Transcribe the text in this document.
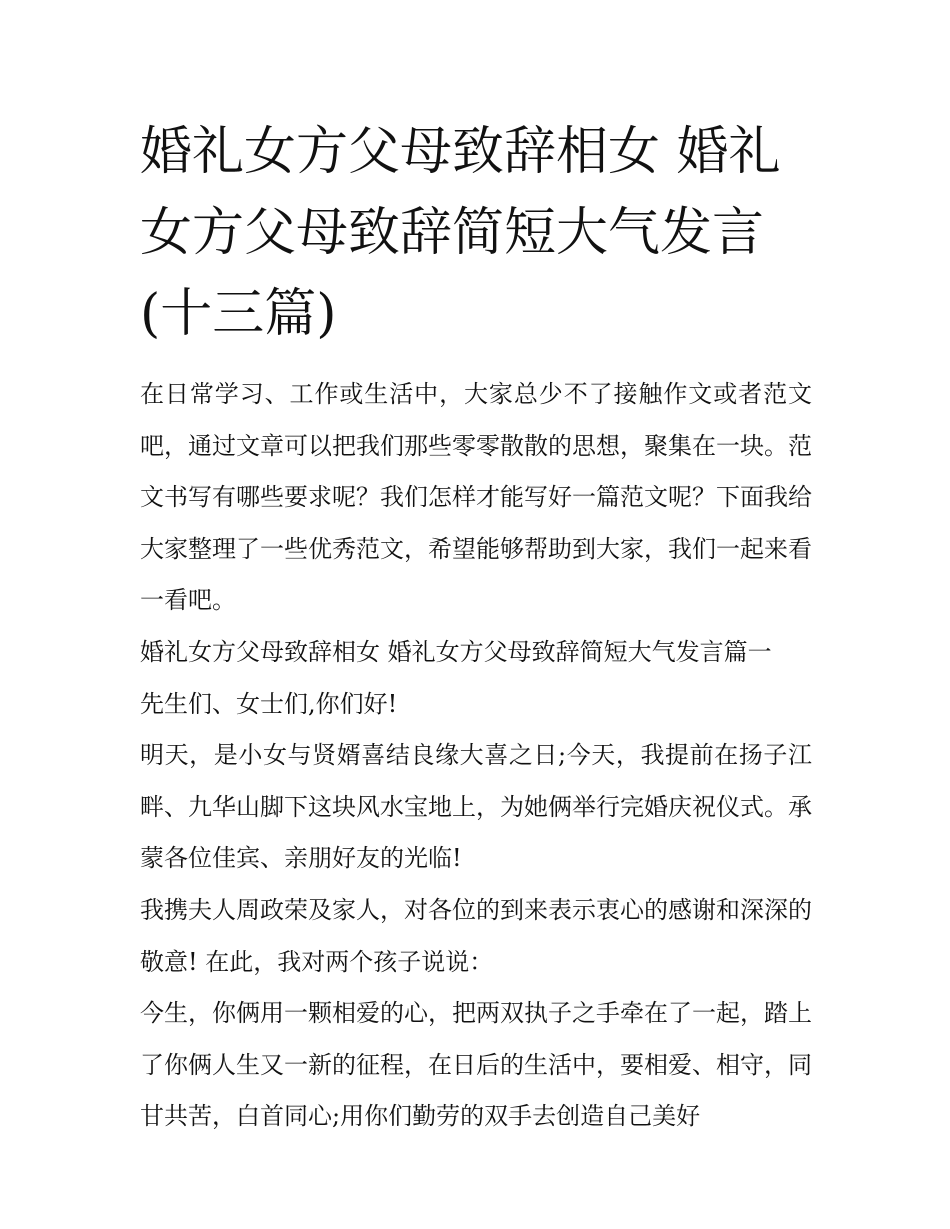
婚礼女方父母致辞相女 婚礼女方父母致辞简短大气发言(十三篇)

在日常学习、工作或生活中，大家总少不了接触作文或者范文吧，通过文章可以把我们那些零零散散的思想，聚集在一块。范文书写有哪些要求呢？我们怎样才能写好一篇范文呢？下面我给大家整理了一些优秀范文，希望能够帮助到大家，我们一起来看一看吧。

婚礼女方父母致辞相女 婚礼女方父母致辞简短大气发言篇一

先生们、女士们,你们好!

明天，是小女与贤婿喜结良缘大喜之日;今天，我提前在扬子江畔、九华山脚下这块风水宝地上，为她俩举行完婚庆祝仪式。承蒙各位佳宾、亲朋好友的光临!

我携夫人周政荣及家人，对各位的到来表示衷心的感谢和深深的敬意! 在此，我对两个孩子说说：

今生，你俩用一颗相爱的心，把两双执子之手牵在了一起，踏上了你俩人生又一新的征程，在日后的生活中，要相爱、相守，同甘共苦，白首同心;用你们勤劳的双手去创造自己美好
